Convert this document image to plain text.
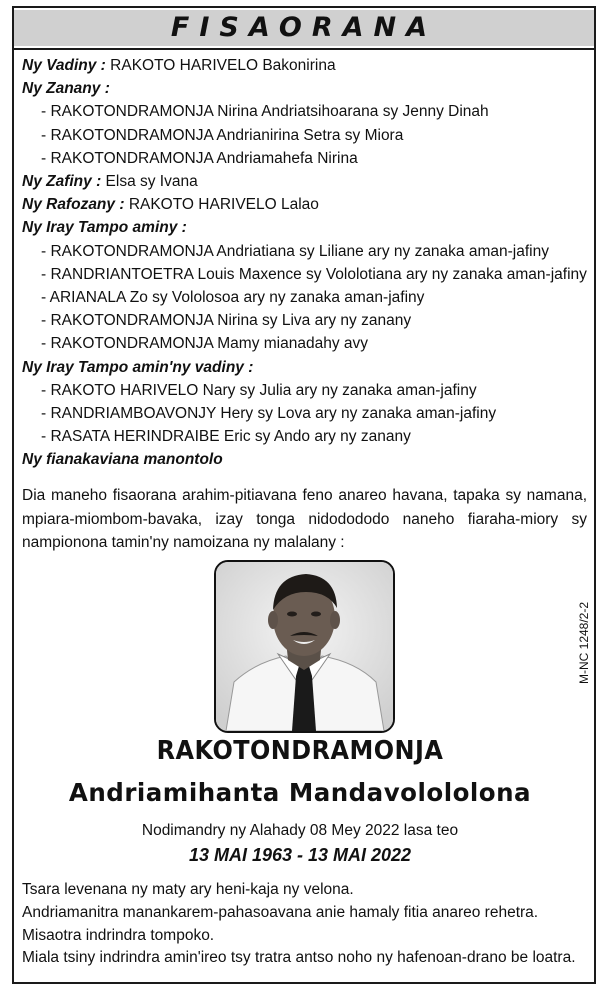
FISAORANA
Ny Vadiny : RAKOTO HARIVELO Bakonirina
Ny Zanany :
- RAKOTONDRAMONJA Nirina Andriatsihoarana sy Jenny Dinah
- RAKOTONDRAMONJA Andrianirina Setra sy Miora
- RAKOTONDRAMONJA Andriamahefa Nirina
Ny Zafiny : Elsa sy Ivana
Ny Rafozany : RAKOTO HARIVELO Lalao
Ny Iray Tampo aminy :
- RAKOTONDRAMONJA Andriatiana sy Liliane ary ny zanaka aman-jafiny
- RANDRIANTOETRA Louis Maxence sy Vololotiana ary ny zanaka aman-jafiny
- ARIANALA Zo sy Vololosoa ary ny zanaka aman-jafiny
- RAKOTONDRAMONJA Nirina sy Liva ary ny zanany
- RAKOTONDRAMONJA Mamy mianadahy avy
Ny Iray Tampo amin'ny vadiny :
- RAKOTO HARIVELO Nary sy Julia ary ny zanaka aman-jafiny
- RANDRIAMBOAVONJY Hery sy Lova ary ny zanaka aman-jafiny
- RASATA HERINDRAIBE Eric sy Ando ary ny zanany
Ny fianakaviana manontolo
Dia maneho fisaorana arahim-pitiavana feno anareo havana, tapaka sy namana, mpiara-miombom-bavaka, izay tonga nidodododo naneho fiaraha-miory sy nampionona tamin'ny namoizana ny malalany :
M-NC 1248/2-2
RAKOTONDRAMONJA
Andriamihanta Mandavolololona
Nodimandry ny Alahady 08 Mey 2022 lasa teo
13 MAI 1963 - 13 MAI 2022
Tsara levenana ny maty ary heni-kaja ny velona.
Andriamanitra manankarem-pahasoavana anie hamaly fitia anareo rehetra.
Misaotra indrindra tompoko.
Miala tsiny indrindra amin'ireo tsy tratra antso noho ny hafenoan-drano be loatra.
